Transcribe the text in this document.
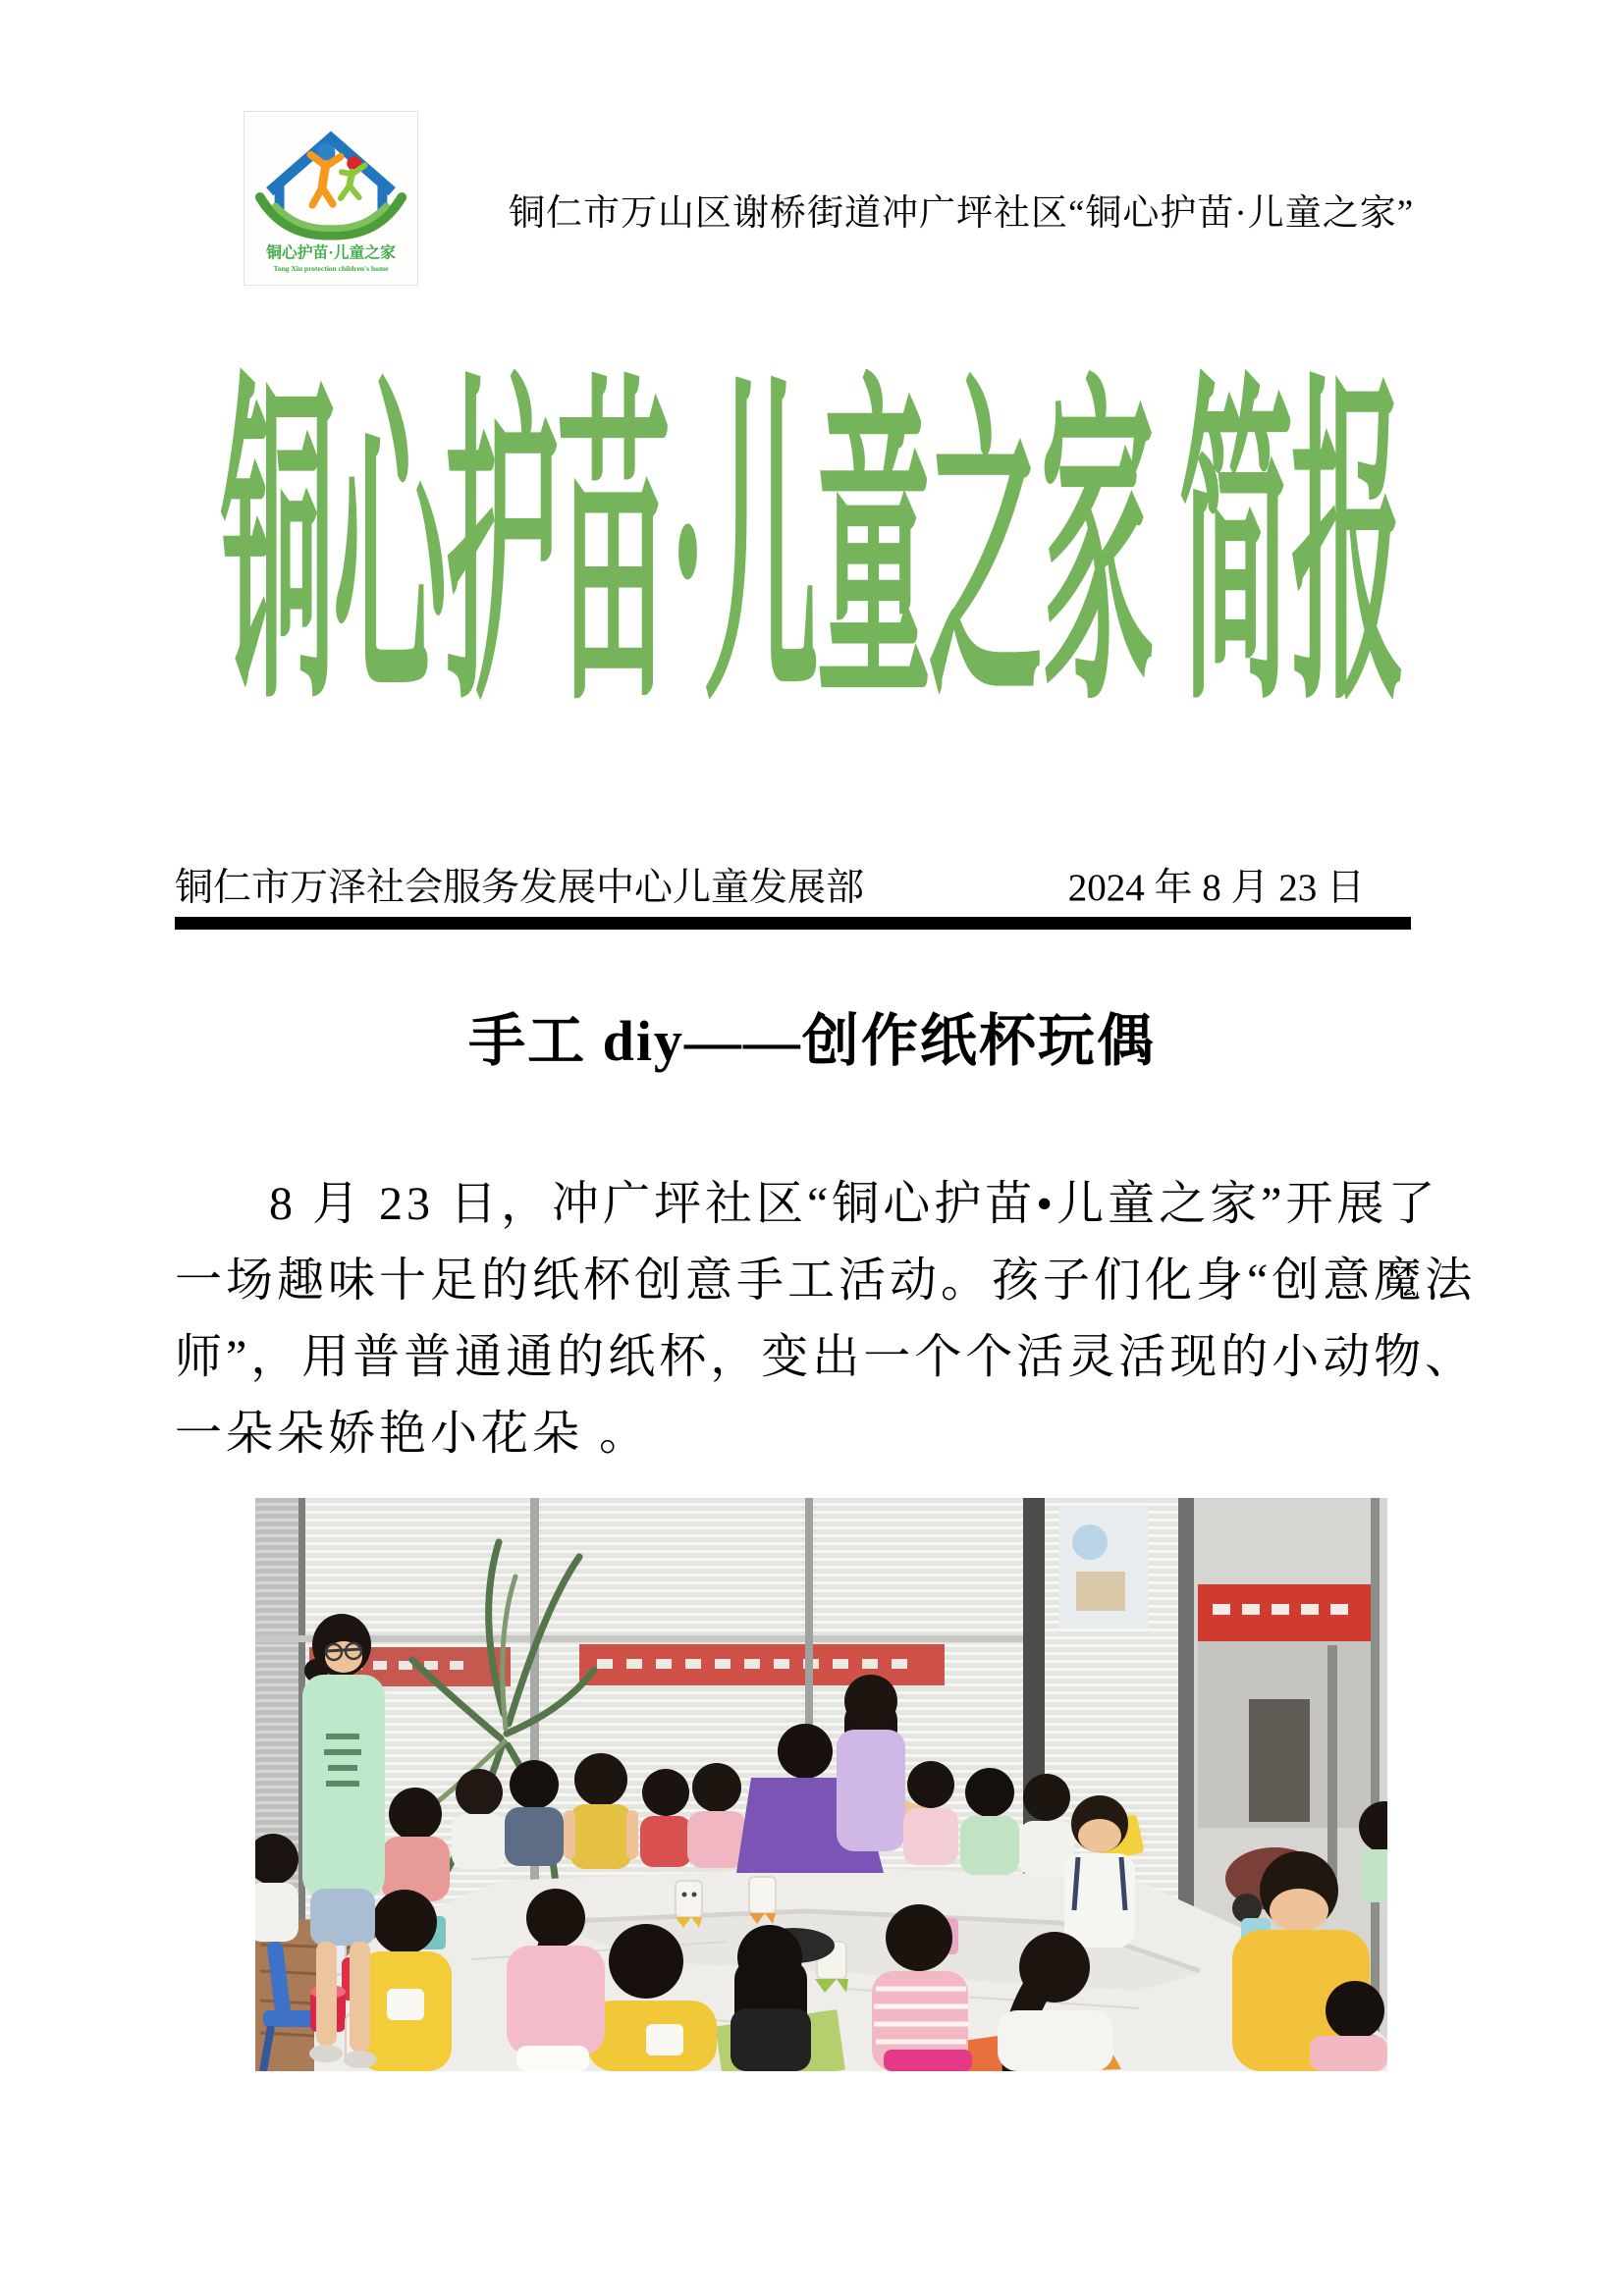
铜心护苗·儿童之家
Tong Xin protection children's home
铜仁市万山区谢桥街道冲广坪社区“铜心护苗·儿童之家”
铜心护苗·儿童之家 简报
铜仁市万泽社会服务发展中心儿童发展部	2024 年 8 月 23 日
手工 diy——创作纸杯玩偶
8 月 23 日，冲广坪社区“铜心护苗•儿童之家”开展了
一场趣味十足的纸杯创意手工活动。孩子们化身“创意魔法
师”，用普普通通的纸杯，变出一个个活灵活现的小动物、
一朵朵娇艳小花朵 。
